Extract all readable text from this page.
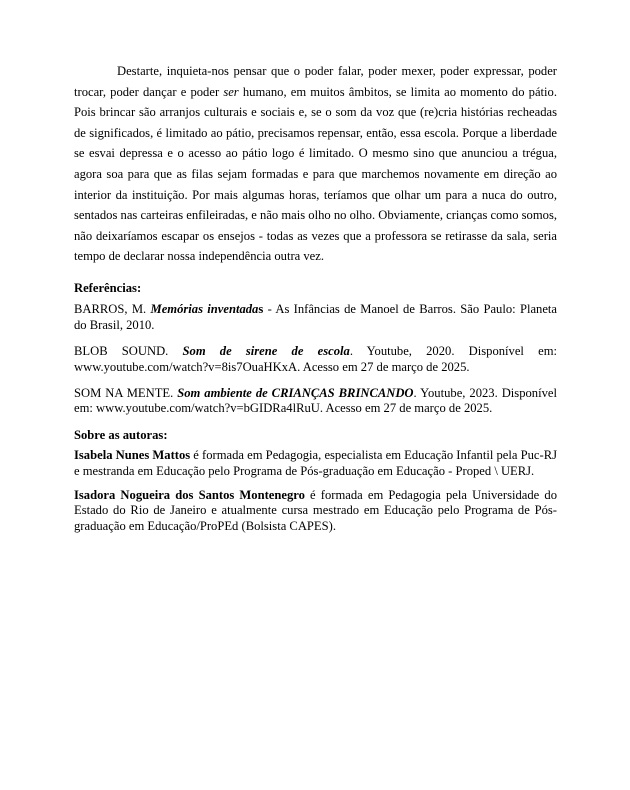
Destarte, inquieta-nos pensar que o poder falar, poder mexer, poder expressar, poder trocar, poder dançar e poder ser humano, em muitos âmbitos, se limita ao momento do pátio. Pois brincar são arranjos culturais e sociais e, se o som da voz que (re)cria histórias recheadas de significados, é limitado ao pátio, precisamos repensar, então, essa escola. Porque a liberdade se esvai depressa e o acesso ao pátio logo é limitado. O mesmo sino que anunciou a trégua, agora soa para que as filas sejam formadas e para que marchemos novamente em direção ao interior da instituição. Por mais algumas horas, teríamos que olhar um para a nuca do outro, sentados nas carteiras enfileiradas, e não mais olho no olho. Obviamente, crianças como somos, não deixaríamos escapar os ensejos - todas as vezes que a professora se retirasse da sala, seria tempo de declarar nossa independência outra vez.

Referências:

BARROS, M. Memórias inventadas - As Infâncias de Manoel de Barros. São Paulo: Planeta do Brasil, 2010.

BLOB SOUND. Som de sirene de escola. Youtube, 2020. Disponível em: www.youtube.com/watch?v=8is7OuaHKxA. Acesso em 27 de março de 2025.

SOM NA MENTE. Som ambiente de CRIANÇAS BRINCANDO. Youtube, 2023. Disponível em: www.youtube.com/watch?v=bGIDRa4lRuU. Acesso em 27 de março de 2025.

Sobre as autoras:

Isabela Nunes Mattos é formada em Pedagogia, especialista em Educação Infantil pela Puc-RJ e mestranda em Educação pelo Programa de Pós-graduação em Educação - Proped \ UERJ.

Isadora Nogueira dos Santos Montenegro é formada em Pedagogia pela Universidade do Estado do Rio de Janeiro e atualmente cursa mestrado em Educação pelo Programa de Pós-graduação em Educação/ProPEd (Bolsista CAPES).
